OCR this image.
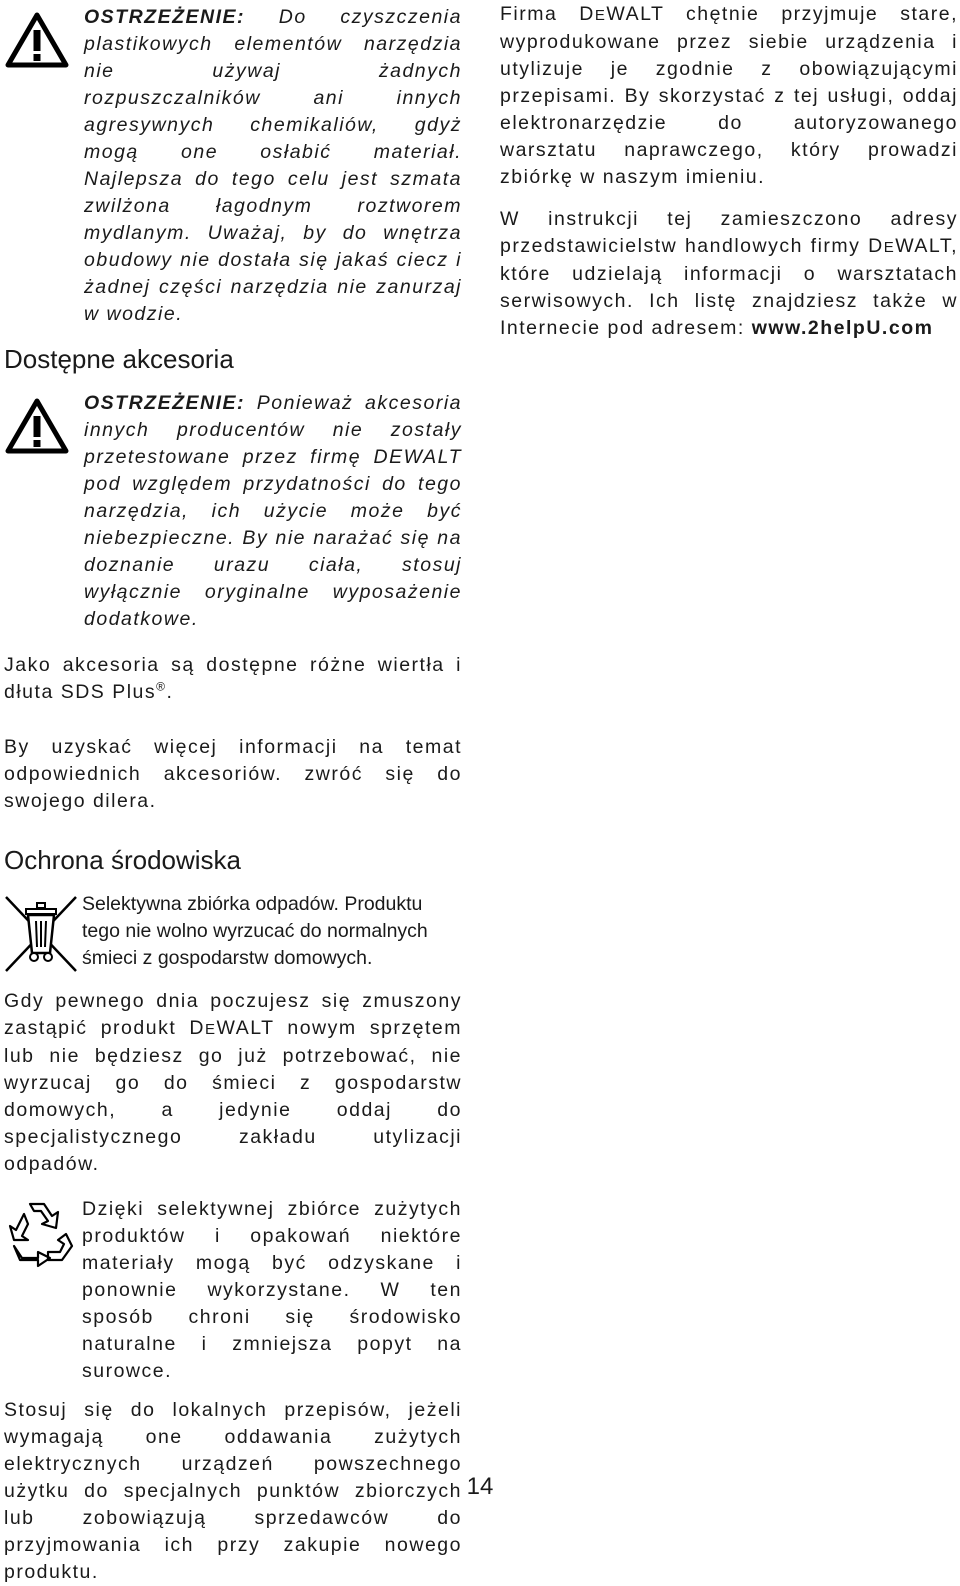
OSTRZEŻENIE: Do czyszczenia plastikowych elementów narzędzia nie używaj żadnych rozpuszczalników ani innych agresywnych chemikaliów, gdyż mogą one osłabić materiał. Najlepsza do tego celu jest szmata zwilżona łagodnym roztworem mydlanym. Uważaj, by do wnętrza obudowy nie dostała się jakaś ciecz i żadnej części narzędzia nie zanurzaj w wodzie.

Dostępne akcesoria

OSTRZEŻENIE: Ponieważ akcesoria innych producentów nie zostały przetestowane przez firmę DEWALT pod względem przydatności do tego narzędzia, ich użycie może być niebezpieczne. By nie narażać się na doznanie urazu ciała, stosuj wyłącznie oryginalne wyposażenie dodatkowe.

Jako akcesoria są dostępne różne wiertła i dłuta SDS Plus®.

By uzyskać więcej informacji na temat odpowiednich akcesoriów. zwróć się do swojego dilera.

Ochrona środowiska

Selektywna zbiórka odpadów. Produktu tego nie wolno wyrzucać do normalnych śmieci z gospodarstw domowych.

Gdy pewnego dnia poczujesz się zmuszony zastąpić produkt DEWALT nowym sprzętem lub nie będziesz go już potrzebować, nie wyrzucaj go do śmieci z gospodarstw domowych, a jedynie oddaj do specjalistycznego zakładu utylizacji odpadów.

Dzięki selektywnej zbiórce zużytych produktów i opakowań niektóre materiały mogą być odzyskane i ponownie wykorzystane. W ten sposób chroni się środowisko naturalne i zmniejsza popyt na surowce.

Stosuj się do lokalnych przepisów, jeżeli wymagają one oddawania zużytych elektrycznych urządzeń powszechnego użytku do specjalnych punktów zbiorczych lub zobowiązują sprzedawców do przyjmowania ich przy zakupie nowego produktu.

Firma DEWALT chętnie przyjmuje stare, wyprodukowane przez siebie urządzenia i utylizuje je zgodnie z obowiązującymi przepisami. By skorzystać z tej usługi, oddaj elektronarzędzie do autoryzowanego warsztatu naprawczego, który prowadzi zbiórkę w naszym imieniu.

W instrukcji tej zamieszczono adresy przedstawicielstw handlowych firmy DEWALT, które udzielają informacji o warsztatach serwisowych. Ich listę znajdziesz także w Internecie pod adresem: www.2helpU.com

14
